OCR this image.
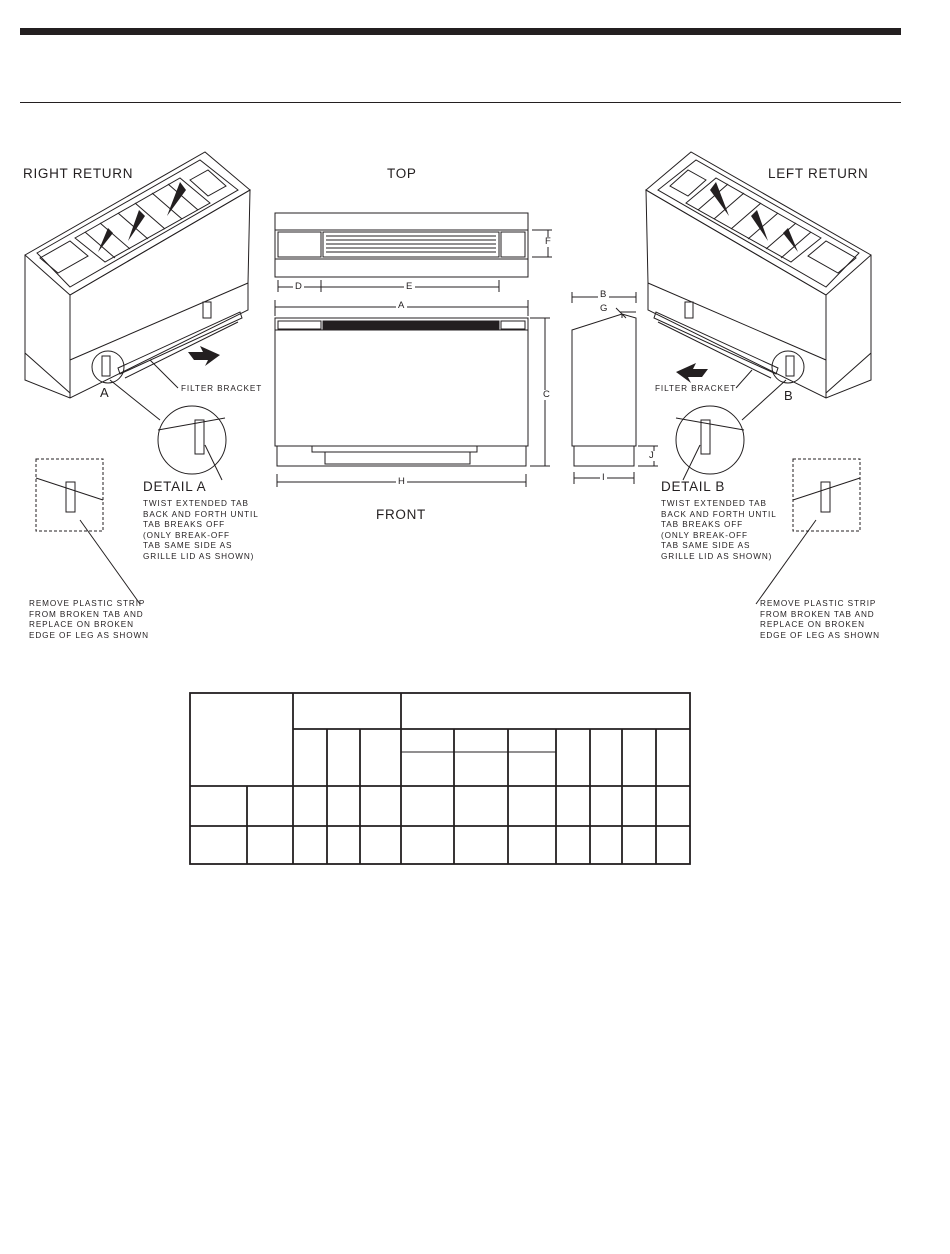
RIGHT RETURN	TOP	LEFT RETURN
FRONT
A	B
FILTER BRACKET	FILTER BRACKET
DETAIL A
TWIST EXTENDED TAB
BACK AND FORTH UNTIL
TAB BREAKS OFF
(ONLY BREAK-OFF
TAB SAME SIDE AS
GRILLE LID AS SHOWN)
REMOVE PLASTIC STRIP
FROM BROKEN TAB AND
REPLACE ON BROKEN
EDGE OF LEG AS SHOWN
DETAIL B
TWIST EXTENDED TAB
BACK AND FORTH UNTIL
TAB BREAKS OFF
(ONLY BREAK-OFF
TAB SAME SIDE AS
GRILLE LID AS SHOWN)
REMOVE PLASTIC STRIP
FROM BROKEN TAB AND
REPLACE ON BROKEN
EDGE OF LEG AS SHOWN
F
D	E
A
C
H
B
G
J
I
